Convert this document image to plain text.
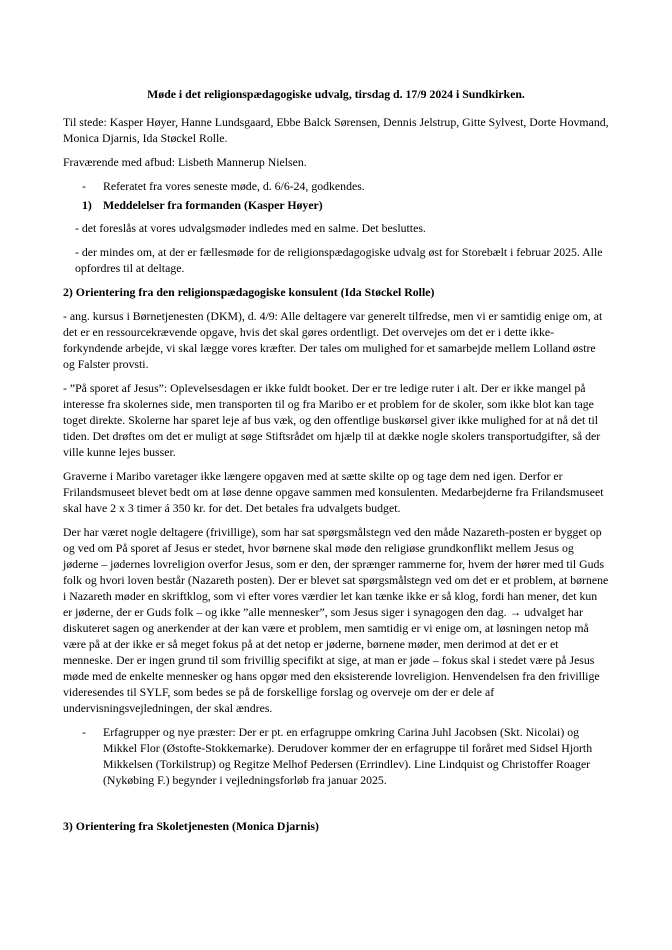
Møde i det religionspædagogiske udvalg, tirsdag d. 17/9 2024 i Sundkirken.

Til stede: Kasper Høyer, Hanne Lundsgaard, Ebbe Balck Sørensen, Dennis Jelstrup, Gitte Sylvest, Dorte Hovmand, Monica Djarnis, Ida Støckel Rolle.

Fraværende med afbud: Lisbeth Mannerup Nielsen.

-	Referatet fra vores seneste møde, d. 6/6-24, godkendes.
1) Meddelelser fra formanden (Kasper Høyer)

- det foreslås at vores udvalgsmøder indledes med en salme. Det besluttes.

- der mindes om, at der er fællesmøde for de religionspædagogiske udvalg øst for Storebælt i februar 2025. Alle opfordres til at deltage.

2) Orientering fra den religionspædagogiske konsulent (Ida Støckel Rolle)

- ang. kursus i Børnetjenesten (DKM), d. 4/9: Alle deltagere var generelt tilfredse, men vi er samtidig enige om, at det er en ressourcekrævende opgave, hvis det skal gøres ordentligt. Det overvejes om det er i dette ikke-forkyndende arbejde, vi skal lægge vores kræfter. Der tales om mulighed for et samarbejde mellem Lolland østre og Falster provsti.

- ”På sporet af Jesus”: Oplevelsesdagen er ikke fuldt booket. Der er tre ledige ruter i alt. Der er ikke mangel på interesse fra skolernes side, men transporten til og fra Maribo er et problem for de skoler, som ikke blot kan tage toget direkte. Skolerne har sparet leje af bus væk, og den offentlige buskørsel giver ikke mulighed for at nå det til tiden. Det drøftes om det er muligt at søge Stiftsrådet om hjælp til at dække nogle skolers transportudgifter, så der ville kunne lejes busser.

Graverne i Maribo varetager ikke længere opgaven med at sætte skilte op og tage dem ned igen. Derfor er Frilandsmuseet blevet bedt om at løse denne opgave sammen med konsulenten. Medarbejderne fra Frilandsmuseet skal have 2 x 3 timer á 350 kr. for det. Det betales fra udvalgets budget.

Der har været nogle deltagere (frivillige), som har sat spørgsmålstegn ved den måde Nazareth-posten er bygget op og ved om På sporet af Jesus er stedet, hvor børnene skal møde den religiøse grundkonflikt mellem Jesus og jøderne – jødernes lovreligion overfor Jesus, som er den, der sprænger rammerne for, hvem der hører med til Guds folk og hvori loven består (Nazareth posten). Der er blevet sat spørgsmålstegn ved om det er et problem, at børnene i Nazareth møder en skriftklog, som vi efter vores værdier let kan tænke ikke er så klog, fordi han mener, det kun er jøderne, der er Guds folk – og ikke ”alle mennesker”, som Jesus siger i synagogen den dag. → udvalget har diskuteret sagen og anerkender at der kan være et problem, men samtidig er vi enige om, at løsningen netop må være på at der ikke er så meget fokus på at det netop er jøderne, børnene møder, men derimod at det er et menneske. Der er ingen grund til som frivillig specifikt at sige, at man er jøde – fokus skal i stedet være på Jesus møde med de enkelte mennesker og hans opgør med den eksisterende lovreligion. Henvendelsen fra den frivillige videresendes til SYLF, som bedes se på de forskellige forslag og overveje om der er dele af undervisningsvejledningen, der skal ændres.

-	Erfagrupper og nye præster: Der er pt. en erfagruppe omkring Carina Juhl Jacobsen (Skt. Nicolai) og Mikkel Flor (Østofte-Stokkemarke). Derudover kommer der en erfagruppe til foråret med Sidsel Hjorth Mikkelsen (Torkilstrup) og Regitze Melhof Pedersen (Errindlev). Line Lindquist og Christoffer Roager (Nykøbing F.) begynder i vejledningsforløb fra januar 2025.
3) Orientering fra Skoletjenesten (Monica Djarnis)
